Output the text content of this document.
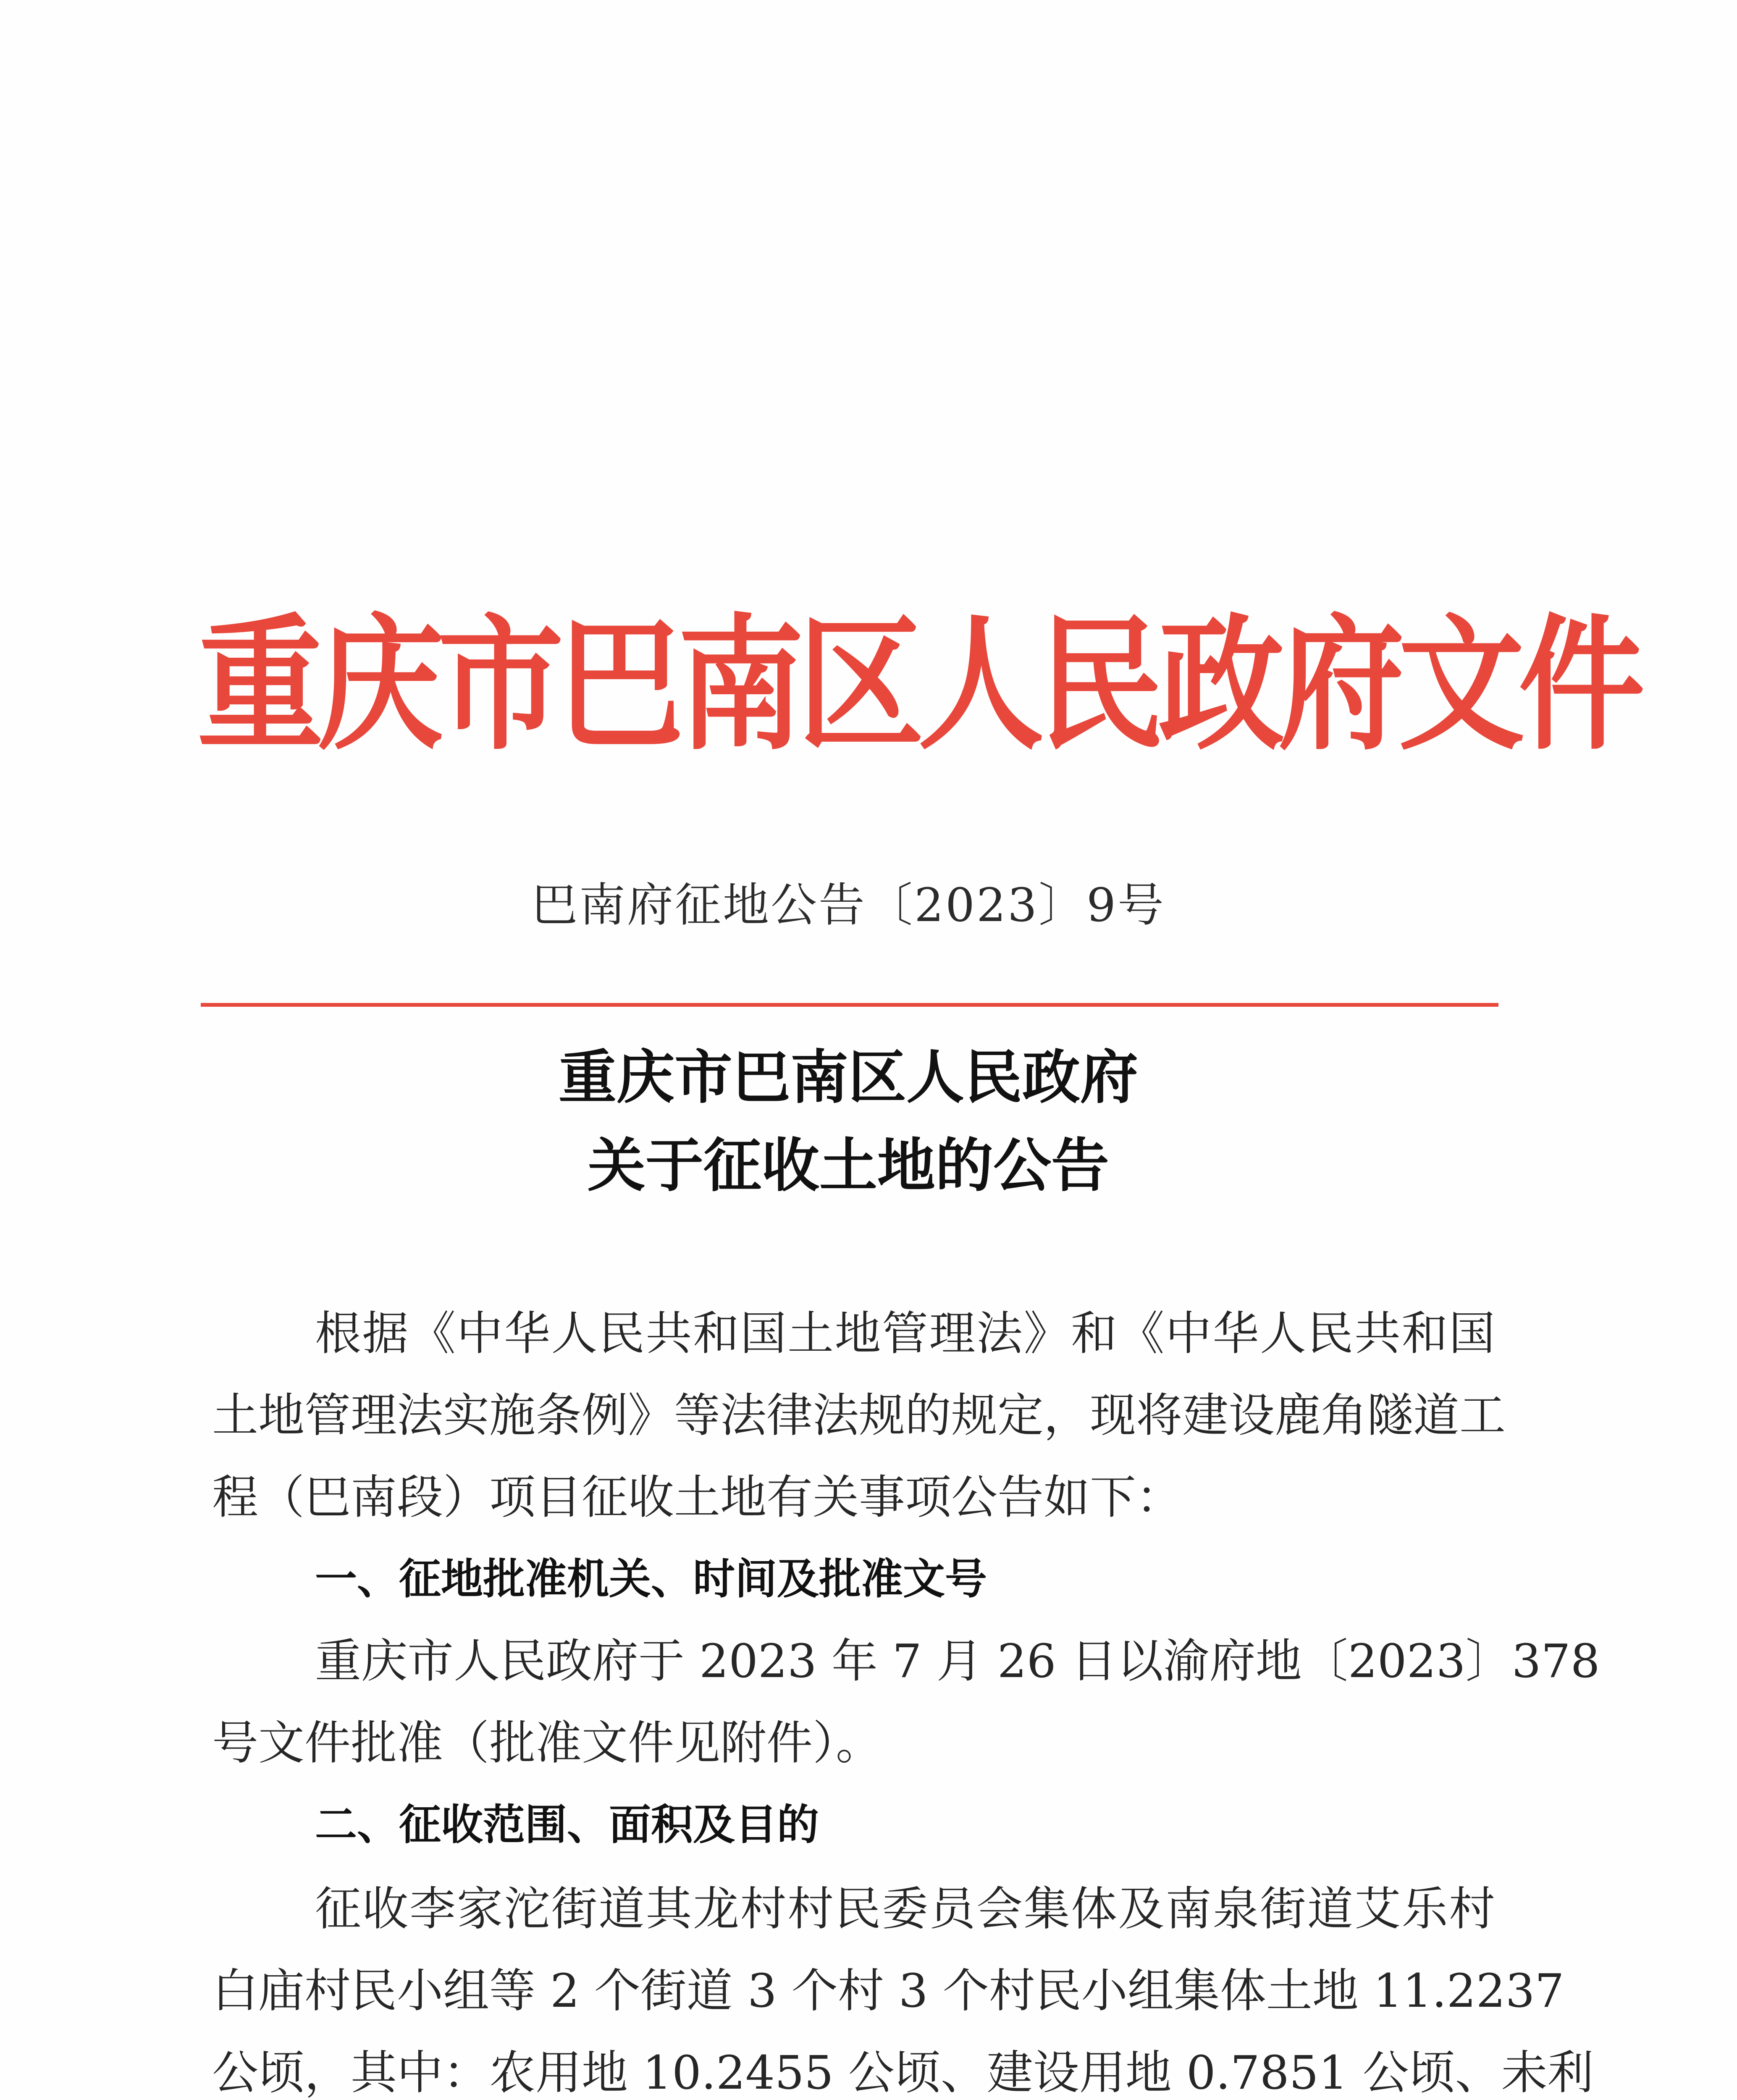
重庆市巴南区人民政府文件
巴南府征地公告〔2023〕9号
重庆市巴南区人民政府
关于征收土地的公告
根据《中华人民共和国土地管理法》和《中华人民共和国
土地管理法实施条例》等法律法规的规定，现将建设鹿角隧道工
程（巴南段）项目征收土地有关事项公告如下：
一、征地批准机关、时间及批准文号
重庆市人民政府于 2023 年 7 月 26 日以渝府地〔2023〕378
号文件批准（批准文件见附件）。
二、征收范围、面积及目的
征收李家沱街道其龙村村民委员会集体及南泉街道艾乐村
白庙村民小组等 2 个街道 3 个村 3 个村民小组集体土地 11.2237
公顷，其中：农用地 10.2455 公顷、建设用地 0.7851 公顷、未利
